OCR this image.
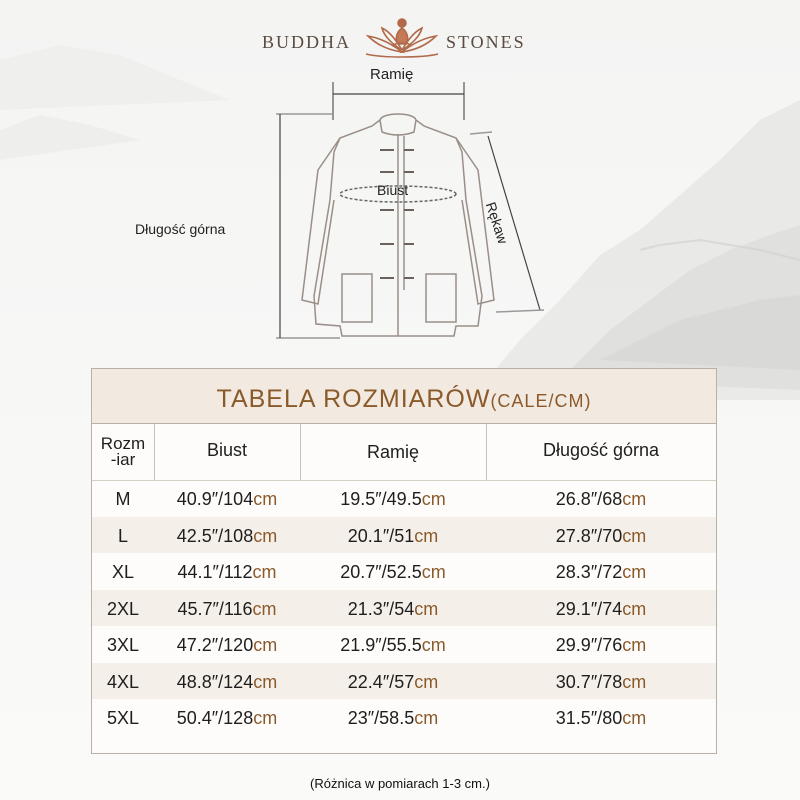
BUDDHA	STONES
Ramię
Biust
Długość górna	Rękaw
TABELA ROZMIARÓW(CALE/CM)
Rozm
-iar	Biust	Ramię	Długość górna
M	40.9″/104cm	19.5″/49.5cm	26.8″/68cm
L	42.5″/108cm	20.1″/51cm	27.8″/70cm
XL	44.1″/112cm	20.7″/52.5cm	28.3″/72cm
2XL	45.7″/116cm	21.3″/54cm	29.1″/74cm
3XL	47.2″/120cm	21.9″/55.5cm	29.9″/76cm
4XL	48.8″/124cm	22.4″/57cm	30.7″/78cm
5XL	50.4″/128cm	23″/58.5cm	31.5″/80cm
(Różnica w pomiarach 1-3 cm.)
